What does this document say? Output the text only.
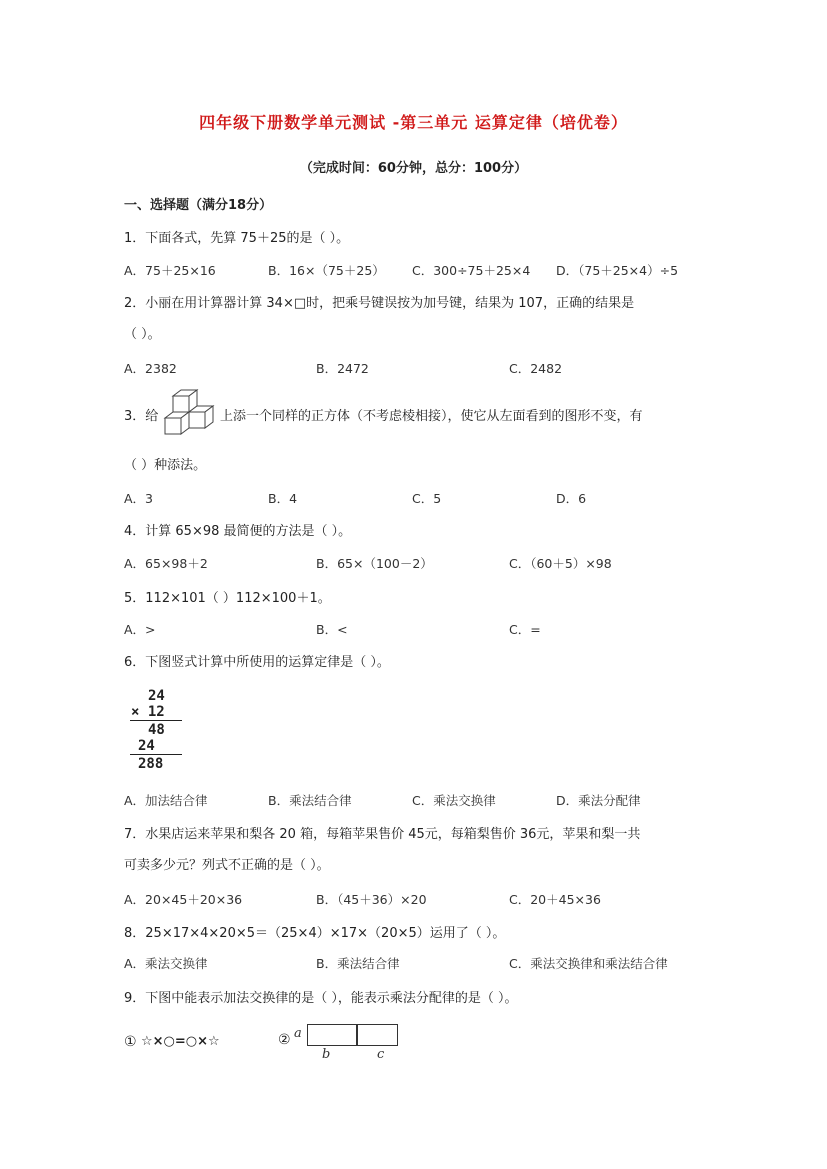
四年级下册数学单元测试 -第三单元 运算定律（培优卷）
（完成时间：60分钟，总分：100分）
一、选择题（满分18分）
1．下面各式，先算 75＋25的是（ ）。
A．75＋25×16	B．16×（75＋25） C．300÷75＋25×4 D．（75＋25×4）÷5
2．小丽在用计算器计算 34×□时，把乘号键误按为加号键，结果为 107，正确的结果是
（ ）。
A．2382	B．2472	C．2482
3．给	上添一个同样的正方体（不考虑棱相接），使它从左面看到的图形不变，有
（ ）种添法。
A．3	B．4	C．5	D．6
4．计算 65×98 最简便的方法是（ ）。
A．65×98＋2	B．65×（100－2）	C．（60＋5）×98
5．112×101（ ）112×100＋1。
A．>	B．<	C．=
6．下图竖式计算中所使用的运算定律是（ ）。
24
× 12
48
24
288
A．加法结合律	B．乘法结合律	C．乘法交换律	D．乘法分配律
7．水果店运来苹果和梨各 20 箱，每箱苹果售价 45元，每箱梨售价 36元，苹果和梨一共
可卖多少元？列式不正确的是（ ）。
A．20×45＋20×36	B．（45＋36）×20	C．20＋45×36
8．25×17×4×20×5＝（25×4）×17×（20×5）运用了（ ）。
A．乘法交换律	B．乘法结合律	C．乘法交换律和乘法结合律
9．下图中能表示加法交换律的是（ ），能表示乘法分配律的是（ ）。
① ☆×○=○×☆	② a
b	c
